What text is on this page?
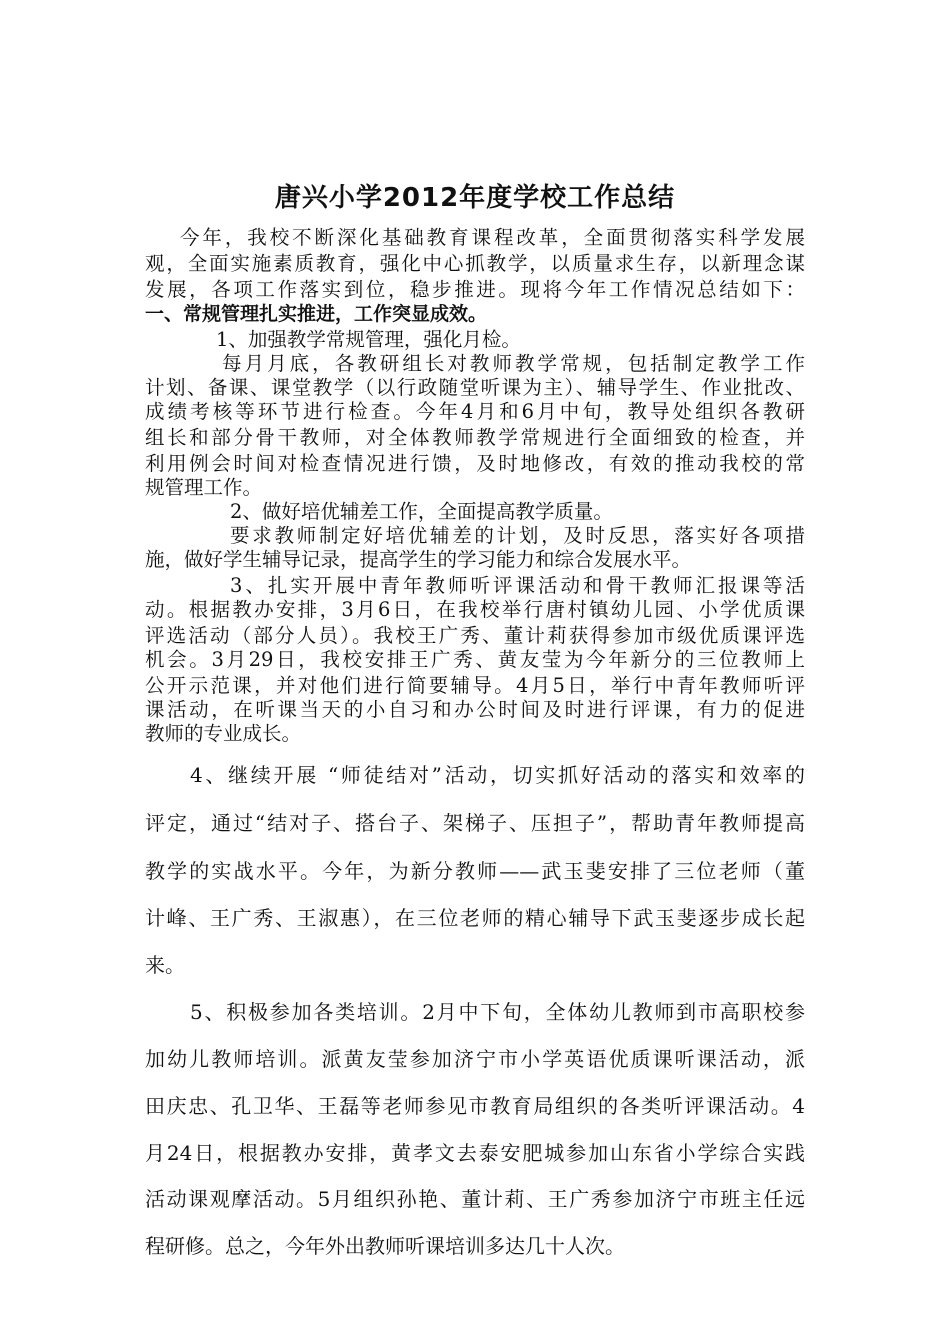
唐兴小学2012年度学校工作总结
今年，我校不断深化基础教育课程改革，全面贯彻落实科学发展
观，全面实施素质教育，强化中心抓教学，以质量求生存，以新理念谋
发展，各项工作落实到位，稳步推进。现将今年工作情况总结如下：
一、常规管理扎实推进，工作突显成效。
1、加强教学常规管理，强化月检。
每月月底，各教研组长对教师教学常规，包括制定教学工作
计划、备课、课堂教学（以行政随堂听课为主）、辅导学生、作业批改、
成绩考核等环节进行检查。今年4月和6月中旬，教导处组织各教研
组长和部分骨干教师，对全体教师教学常规进行全面细致的检查，并
利用例会时间对检查情况进行馈，及时地修改，有效的推动我校的常
规管理工作。
2、做好培优辅差工作，全面提高教学质量。
要求教师制定好培优辅差的计划，及时反思，落实好各项措
施，做好学生辅导记录，提高学生的学习能力和综合发展水平。
3、扎实开展中青年教师听评课活动和骨干教师汇报课等活
动。根据教办安排，3月6日，在我校举行唐村镇幼儿园、小学优质课
评选活动（部分人员）。我校王广秀、董计莉获得参加市级优质课评选
机会。3月29日，我校安排王广秀、黄友莹为今年新分的三位教师上
公开示范课，并对他们进行简要辅导。4月5日，举行中青年教师听评
课活动，在听课当天的小自习和办公时间及时进行评课，有力的促进
教师的专业成长。
4、继续开展 “师徒结对”活动，切实抓好活动的落实和效率的
评定，通过“结对子、搭台子、架梯子、压担子”，帮助青年教师提高
教学的实战水平。今年，为新分教师——武玉斐安排了三位老师（董
计峰、王广秀、王淑惠），在三位老师的精心辅导下武玉斐逐步成长起
来。
5、积极参加各类培训。2月中下旬，全体幼儿教师到市高职校参
加幼儿教师培训。派黄友莹参加济宁市小学英语优质课听课活动，派
田庆忠、孔卫华、王磊等老师参见市教育局组织的各类听评课活动。4
月24日，根据教办安排，黄孝文去泰安肥城参加山东省小学综合实践
活动课观摩活动。5月组织孙艳、董计莉、王广秀参加济宁市班主任远
程研修。总之，今年外出教师听课培训多达几十人次。
